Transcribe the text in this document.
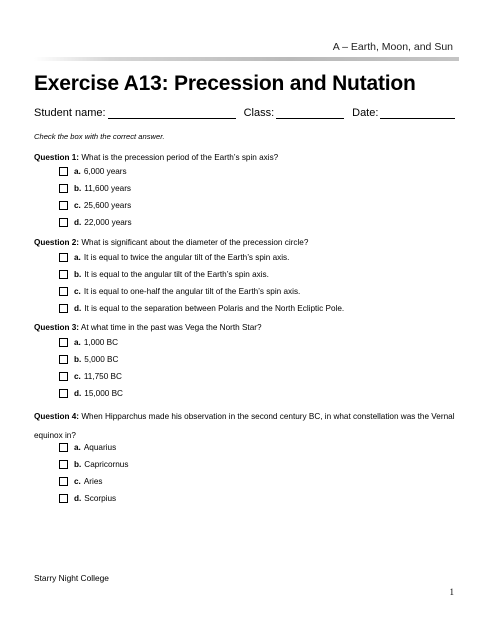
A – Earth, Moon, and Sun
Exercise A13: Precession and Nutation
Student name:	Class:	Date:
Check the box with the correct answer.
Question 1: What is the precession period of the Earth’s spin axis?
a. 6,000 years
b. 11,600 years
c. 25,600 years
d. 22,000 years
Question 2: What is significant about the diameter of the precession circle?
a. It is equal to twice the angular tilt of the Earth’s spin axis.
b. It is equal to the angular tilt of the Earth’s spin axis.
c. It is equal to one-half the angular tilt of the Earth’s spin axis.
d. It is equal to the separation between Polaris and the North Ecliptic Pole.
Question 3: At what time in the past was Vega the North Star?
a. 1,000 BC
b. 5,000 BC
c. 11,750 BC
d. 15,000 BC
Question 4: When Hipparchus made his observation in the second century BC, in what constellation was the Vernal equinox in?
a. Aquarius
b. Capricornus
c. Aries
d. Scorpius
Starry Night College
1
